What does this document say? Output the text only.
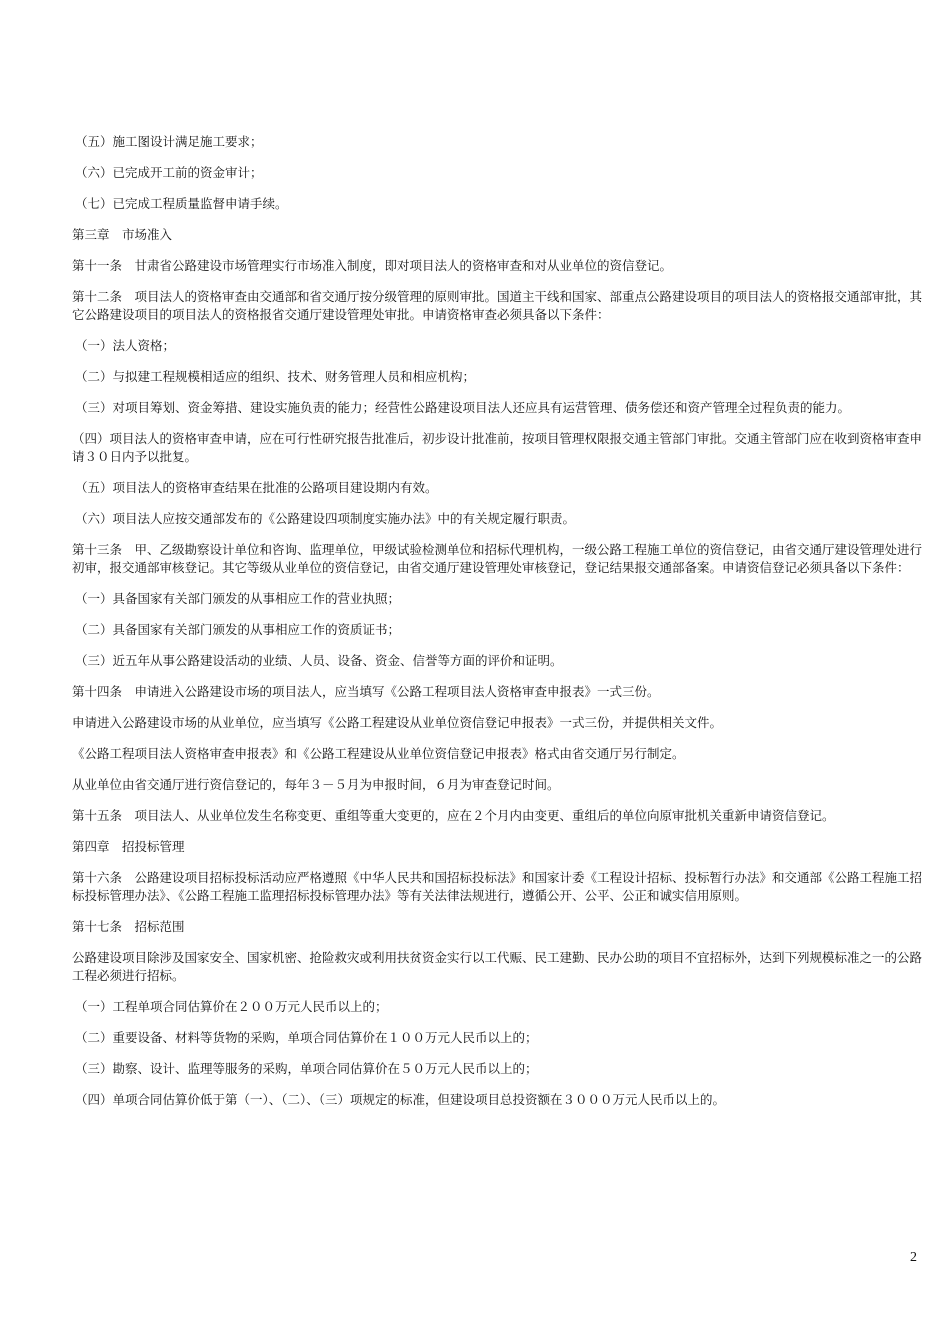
（五）施工图设计满足施工要求；

（六）已完成开工前的资金审计；

（七）已完成工程质量监督申请手续。

第三章　市场准入

第十一条　甘肃省公路建设市场管理实行市场准入制度，即对项目法人的资格审查和对从业单位的资信登记。

第十二条　项目法人的资格审查由交通部和省交通厅按分级管理的原则审批。国道主干线和国家、部重点公路建设项目的项目法人的资格报交通部审批，其它公路建设项目的项目法人的资格报省交通厅建设管理处审批。申请资格审查必须具备以下条件：

（一）法人资格；

（二）与拟建工程规模相适应的组织、技术、财务管理人员和相应机构；

（三）对项目筹划、资金筹措、建设实施负责的能力；经营性公路建设项目法人还应具有运营管理、债务偿还和资产管理全过程负责的能力。

（四）项目法人的资格审查申请，应在可行性研究报告批准后，初步设计批准前，按项目管理权限报交通主管部门审批。交通主管部门应在收到资格审查申请３０日内予以批复。

（五）项目法人的资格审查结果在批准的公路项目建设期内有效。

（六）项目法人应按交通部发布的《公路建设四项制度实施办法》中的有关规定履行职责。

第十三条　甲、乙级勘察设计单位和咨询、监理单位，甲级试验检测单位和招标代理机构，一级公路工程施工单位的资信登记，由省交通厅建设管理处进行初审，报交通部审核登记。其它等级从业单位的资信登记，由省交通厅建设管理处审核登记，登记结果报交通部备案。申请资信登记必须具备以下条件：

（一）具备国家有关部门颁发的从事相应工作的营业执照；

（二）具备国家有关部门颁发的从事相应工作的资质证书；

（三）近五年从事公路建设活动的业绩、人员、设备、资金、信誉等方面的评价和证明。

第十四条　申请进入公路建设市场的项目法人，应当填写《公路工程项目法人资格审查申报表》一式三份。

申请进入公路建设市场的从业单位，应当填写《公路工程建设从业单位资信登记申报表》一式三份，并提供相关文件。

《公路工程项目法人资格审查申报表》和《公路工程建设从业单位资信登记申报表》格式由省交通厅另行制定。

从业单位由省交通厅进行资信登记的，每年３－５月为申报时间，６月为审查登记时间。

第十五条　项目法人、从业单位发生名称变更、重组等重大变更的，应在２个月内由变更、重组后的单位向原审批机关重新申请资信登记。

第四章　招投标管理

第十六条　公路建设项目招标投标活动应严格遵照《中华人民共和国招标投标法》和国家计委《工程设计招标、投标暂行办法》和交通部《公路工程施工招标投标管理办法》、《公路工程施工监理招标投标管理办法》等有关法律法规进行，遵循公开、公平、公正和诚实信用原则。

第十七条　招标范围

公路建设项目除涉及国家安全、国家机密、抢险救灾或利用扶贫资金实行以工代赈、民工建勤、民办公助的项目不宜招标外，达到下列规模标准之一的公路工程必须进行招标。

（一）工程单项合同估算价在２００万元人民币以上的；

（二）重要设备、材料等货物的采购，单项合同估算价在１００万元人民币以上的；

（三）勘察、设计、监理等服务的采购，单项合同估算价在５０万元人民币以上的；

（四）单项合同估算价低于第（一）、（二）、（三）项规定的标准，但建设项目总投资额在３０００万元人民币以上的。

2
